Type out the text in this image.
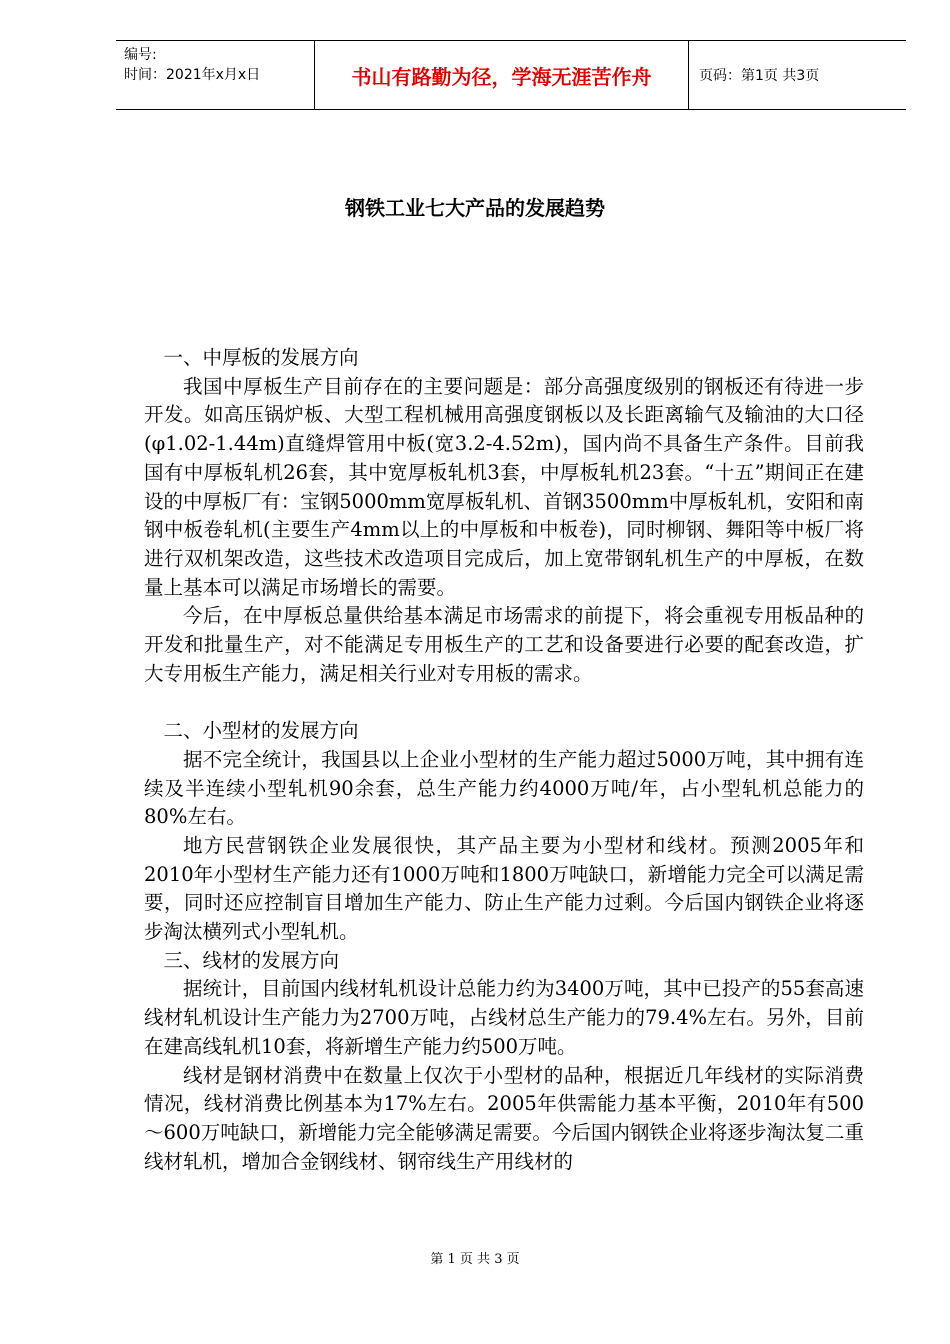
编号:
时间：2021年x月x日	书山有路勤为径，学海无涯苦作舟	页码：第1页 共3页
钢铁工业七大产品的发展趋势

一、中厚板的发展方向

我国中厚板生产目前存在的主要问题是：部分高强度级别的钢板还有待进一步开发。如高压锅炉板、大型工程机械用高强度钢板以及长距离输气及输油的大口径(φ1.02-1.44m)直缝焊管用中板(宽3.2-4.52m)，国内尚不具备生产条件。目前我国有中厚板轧机26套，其中宽厚板轧机3套，中厚板轧机23套。“十五”期间正在建设的中厚板厂有：宝钢5000mm宽厚板轧机、首钢3500mm中厚板轧机，安阳和南钢中板卷轧机(主要生产4mm以上的中厚板和中板卷)，同时柳钢、舞阳等中板厂将进行双机架改造，这些技术改造项目完成后，加上宽带钢轧机生产的中厚板，在数量上基本可以满足市场增长的需要。

今后，在中厚板总量供给基本满足市场需求的前提下，将会重视专用板品种的开发和批量生产，对不能满足专用板生产的工艺和设备要进行必要的配套改造，扩大专用板生产能力，满足相关行业对专用板的需求。

二、小型材的发展方向

据不完全统计，我国县以上企业小型材的生产能力超过5000万吨，其中拥有连续及半连续小型轧机90余套，总生产能力约4000万吨/年，占小型轧机总能力的80%左右。

地方民营钢铁企业发展很快，其产品主要为小型材和线材。预测2005年和2010年小型材生产能力还有1000万吨和1800万吨缺口，新增能力完全可以满足需要，同时还应控制盲目增加生产能力、防止生产能力过剩。今后国内钢铁企业将逐步淘汰横列式小型轧机。

三、线材的发展方向

据统计，目前国内线材轧机设计总能力约为3400万吨，其中已投产的55套高速线材轧机设计生产能力为2700万吨，占线材总生产能力的79.4%左右。另外，目前在建高线轧机10套，将新增生产能力约500万吨。

线材是钢材消费中在数量上仅次于小型材的品种，根据近几年线材的实际消费情况，线材消费比例基本为17%左右。2005年供需能力基本平衡，2010年有500～600万吨缺口，新增能力完全能够满足需要。今后国内钢铁企业将逐步淘汰复二重线材轧机，增加合金钢线材、钢帘线生产用线材的

第 1 页 共 3 页
